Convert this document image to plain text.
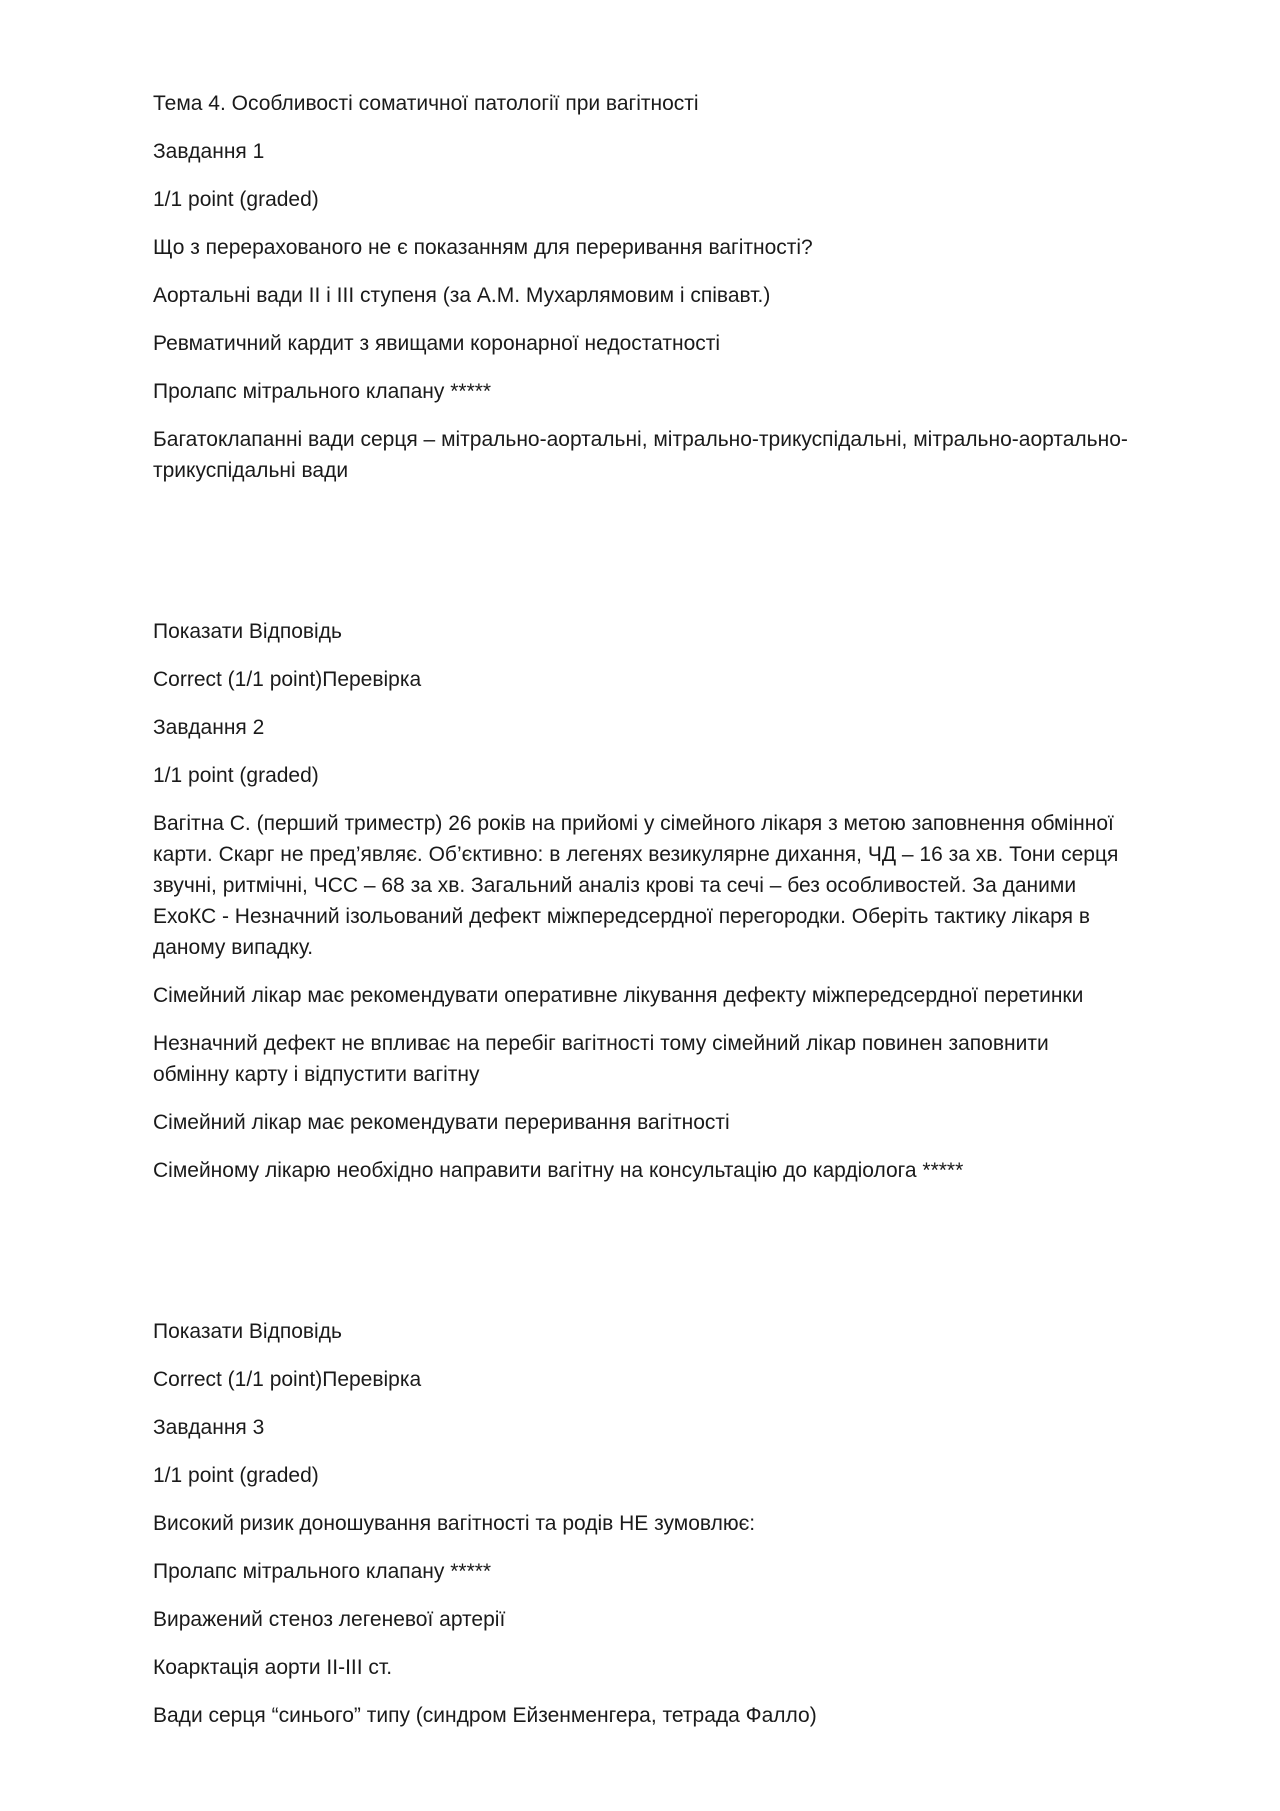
Тема 4. Особливості соматичної патології при вагітності

Завдання 1

1/1 point (graded)

Що з перерахованого не є показанням для переривання вагітності?

Аортальні вади ІІ і ІІІ ступеня (за А.М. Мухарлямовим і співавт.)

Ревматичний кардит з явищами коронарної недостатності

Пролапс мітрального клапану *****

Багатоклапанні вади серця – мітрально-аортальні, мітрально-трикуспідальні, мітрально-аортально-трикуспідальні вади

Показати Відповідь

Correct (1/1 point)Перевірка

Завдання 2

1/1 point (graded)

Вагітна С. (перший триместр) 26 років на прийомі у сімейного лікаря з метою заповнення обмінної карти. Скарг не пред’являє. Об’єктивно: в легенях везикулярне дихання, ЧД – 16 за хв. Тони серця звучні, ритмічні, ЧСС – 68 за хв. Загальний аналіз крові та сечі – без особливостей. За даними ЕхоКС - Незначний ізольований дефект міжпередсердної перегородки. Оберіть тактику лікаря в даному випадку.

Сімейний лікар має рекомендувати оперативне лікування дефекту міжпередсердної перетинки

Незначний дефект не впливає на перебіг вагітності тому сімейний лікар повинен заповнити обмінну карту і відпустити вагітну

Сімейний лікар має рекомендувати переривання вагітності

Сімейному лікарю необхідно направити вагітну на консультацію до кардіолога *****

Показати Відповідь

Correct (1/1 point)Перевірка

Завдання 3

1/1 point (graded)

Високий ризик доношування вагітності та родів НЕ зумовлює:

Пролапс мітрального клапану *****

Виражений стеноз легеневої артерії

Коарктація аорти ІІ-ІІІ ст.

Вади серця “синього” типу (синдром Ейзенменгера, тетрада Фалло)
